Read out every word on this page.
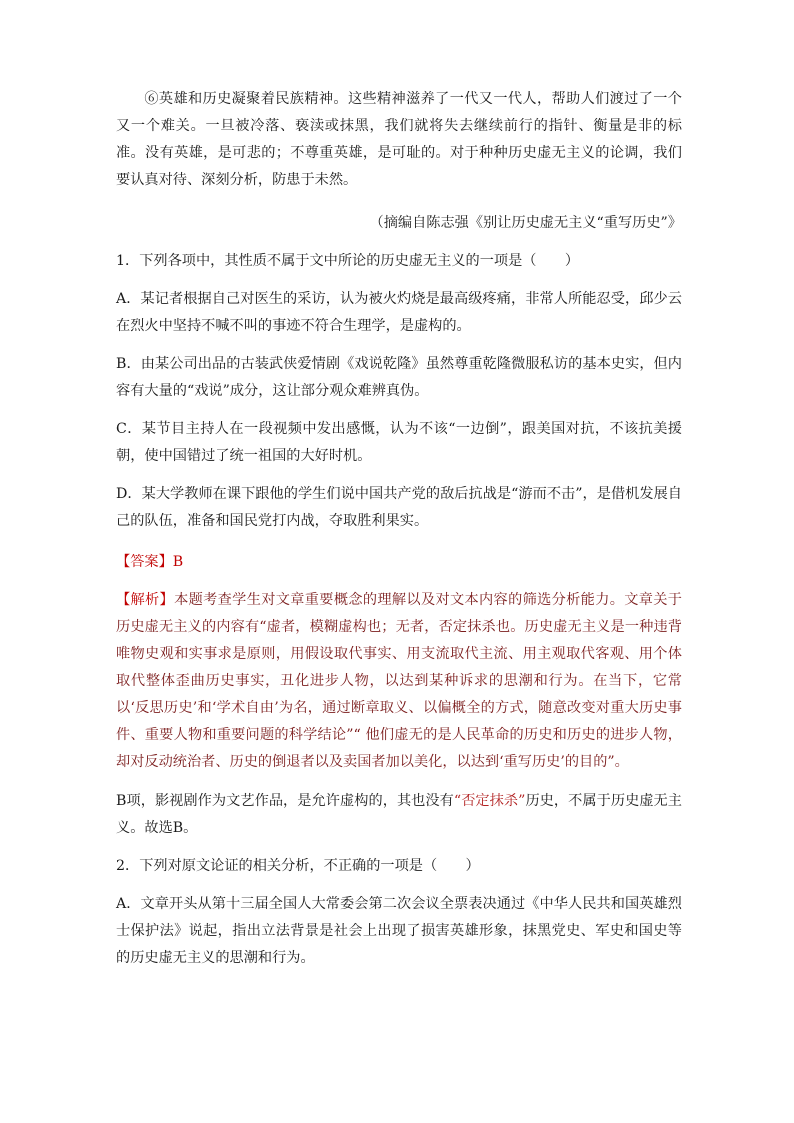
⑥英雄和历史凝聚着民族精神。这些精神滋养了一代又一代人，帮助人们渡过了一个又一个难关。一旦被冷落、亵渎或抹黑，我们就将失去继续前行的指针、衡量是非的标准。没有英雄，是可悲的；不尊重英雄，是可耻的。对于种种历史虚无主义的论调，我们要认真对待、深刻分析，防患于未然。

（摘编自陈志强《别让历史虚无主义“重写历史”》

1．下列各项中，其性质不属于文中所论的历史虚无主义的一项是（　　）

A．某记者根据自己对医生的采访，认为被火灼烧是最高级疼痛，非常人所能忍受，邱少云在烈火中坚持不喊不叫的事迹不符合生理学，是虚构的。

B．由某公司出品的古装武侠爱情剧《戏说乾隆》虽然尊重乾隆微服私访的基本史实，但内容有大量的“戏说”成分，这让部分观众难辨真伪。

C．某节目主持人在一段视频中发出感慨，认为不该“一边倒”，跟美国对抗，不该抗美援朝，使中国错过了统一祖国的大好时机。

D．某大学教师在课下跟他的学生们说中国共产党的敌后抗战是“游而不击”，是借机发展自己的队伍，准备和国民党打内战，夺取胜利果实。

【答案】B

【解析】本题考查学生对文章重要概念的理解以及对文本内容的筛选分析能力。文章关于历史虚无主义的内容有“虚者，模糊虚构也；无者，否定抹杀也。历史虚无主义是一种违背唯物史观和实事求是原则，用假设取代事实、用支流取代主流、用主观取代客观、用个体取代整体歪曲历史事实，丑化进步人物，以达到某种诉求的思潮和行为。在当下，它常以‘反思历史’和‘学术自由’为名，通过断章取义、以偏概全的方式，随意改变对重大历史事件、重要人物和重要问题的科学结论”“ 他们虚无的是人民革命的历史和历史的进步人物，却对反动统治者、历史的倒退者以及卖国者加以美化，以达到‘重写历史’的目的”。

B项，影视剧作为文艺作品，是允许虚构的，其也没有“否定抹杀”历史，不属于历史虚无主义。故选B。

2．下列对原文论证的相关分析，不正确的一项是（　　）

A．文章开头从第十三届全国人大常委会第二次会议全票表决通过《中华人民共和国英雄烈士保护法》说起，指出立法背景是社会上出现了损害英雄形象，抹黑党史、军史和国史等的历史虚无主义的思潮和行为。
